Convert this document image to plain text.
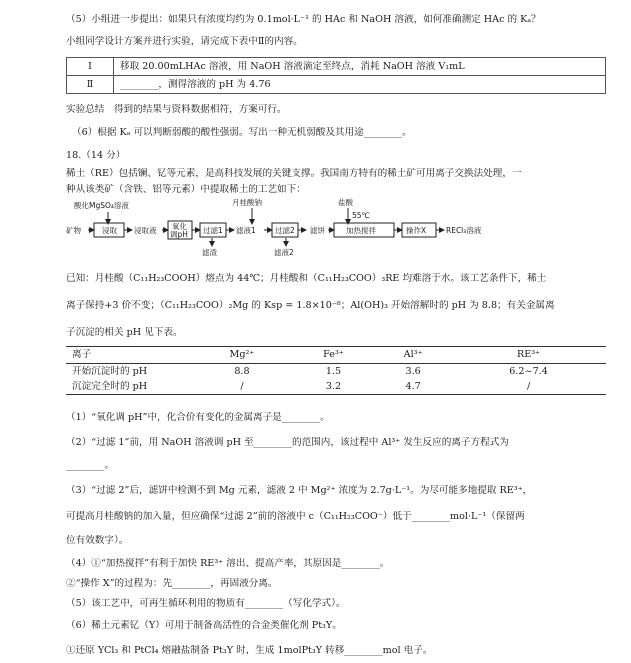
（5）小组进一步提出：如果只有浓度均约为 0.1mol·L⁻¹ 的 HAc 和 NaOH 溶液，如何准确测定 HAc 的 Kₐ？
小组同学设计方案并进行实验，请完成下表中Ⅱ的内容。
Ⅰ	移取 20.00mLHAc 溶液，用 NaOH 溶液滴定至终点，消耗 NaOH 溶液 V₁mL
Ⅱ	________，测得溶液的 pH 为 4.76
实验总结　得到的结果与资料数据相符，方案可行。
（6）根据 Kₐ 可以判断弱酸的酸性强弱。写出一种无机弱酸及其用途________。
18.（14 分）
稀土（RE）包括镧、钇等元素，是高科技发展的关键支撑。我国南方特有的稀土矿可用离子交换法处理，一
种从该类矿（含铁、铝等元素）中提取稀土的工艺如下：
酸化MgSO₄溶液	月桂酸钠	盐酸
55℃
矿物	浸取 浸取液 氧化
调pH 过滤1 滤液1	过滤2 滤饼	加热搅拌	操作X	RECl₃溶液
滤渣	滤液2
已知：月桂酸（C₁₁H₂₃COOH）熔点为 44℃；月桂酸和（C₁₁H₂₃COO）₃RE 均难溶于水。该工艺条件下，稀土
离子保持+3 价不变；（C₁₁H₂₃COO）₂Mg 的 Ksp = 1.8×10⁻⁸；Al(OH)₃ 开始溶解时的 pH 为 8.8；有关金属离
子沉淀的相关 pH 见下表。
离子	Mg²⁺	Fe³⁺	Al³⁺	RE³⁺
开始沉淀时的 pH	8.8	1.5	3.6	6.2~7.4
沉淀完全时的 pH	/	3.2	4.7	/
（1）“氧化调 pH”中，化合价有变化的金属离子是________。
（2）“过滤 1”前，用 NaOH 溶液调 pH 至________的范围内，该过程中 Al³⁺ 发生反应的离子方程式为
________。
（3）“过滤 2”后，滤饼中检测不到 Mg 元素，滤液 2 中 Mg²⁺ 浓度为 2.7g·L⁻¹。为尽可能多地提取 RE³⁺，
可提高月桂酸钠的加入量，但应确保“过滤 2”前的溶液中 c（C₁₁H₂₃COO⁻）低于________mol·L⁻¹（保留两
位有效数字）。
（4）①“加热搅拌”有利于加快 RE³⁺ 溶出、提高产率，其原因是________。
②“操作 X”的过程为：先________，再固液分离。
（5）该工艺中，可再生循环利用的物质有________（写化学式）。
（6）稀土元素钇（Y）可用于制备高活性的合金类催化剂 Pt₃Y。
①还原 YCl₃ 和 PtCl₄ 熔融盐制备 Pt₃Y 时，生成 1molPt₃Y 转移________mol 电子。
